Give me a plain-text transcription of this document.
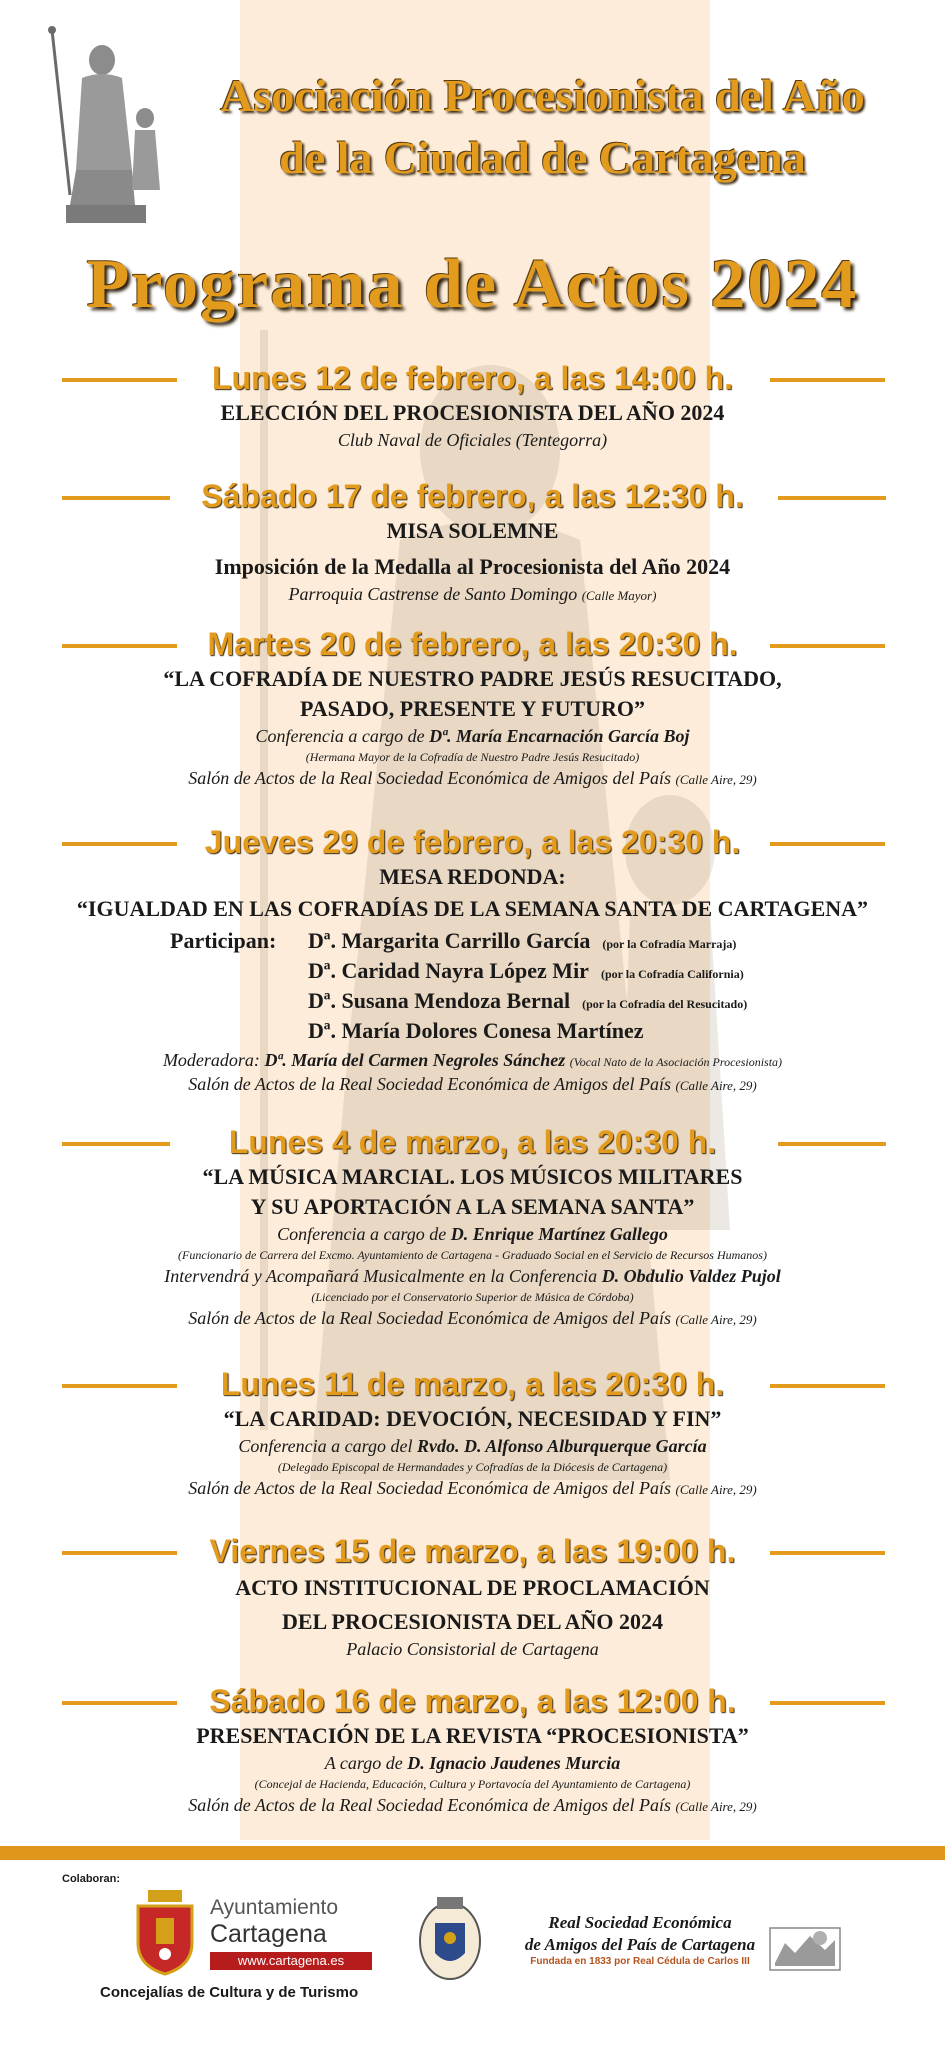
Asociación Procesionista del Año
de la Ciudad de Cartagena
Programa de Actos 2024
Lunes 12 de febrero, a las 14:00 h.
ELECCIÓN DEL PROCESIONISTA DEL AÑO 2024
Club Naval de Oficiales (Tentegorra)
Sábado 17 de febrero, a las 12:30 h.
MISA SOLEMNE
Imposición de la Medalla al Procesionista del Año 2024
Parroquia Castrense de Santo Domingo (Calle Mayor)
Martes 20 de febrero, a las 20:30 h.
“LA COFRADÍA DE NUESTRO PADRE JESÚS RESUCITADO,
PASADO, PRESENTE Y FUTURO”
Conferencia a cargo de Dª. María Encarnación García Boj
(Hermana Mayor de la Cofradía de Nuestro Padre Jesús Resucitado)
Salón de Actos de la Real Sociedad Económica de Amigos del País (Calle Aire, 29)
Jueves 29 de febrero, a las 20:30 h.
MESA REDONDA:
“IGUALDAD EN LAS COFRADÍAS DE LA SEMANA SANTA DE CARTAGENA”
Participan: Dª. Margarita Carrillo García (por la Cofradía Marraja)
Dª. Caridad Nayra López Mir (por la Cofradía California)
Dª. Susana Mendoza Bernal (por la Cofradía del Resucitado)
Dª. María Dolores Conesa Martínez
Moderadora: Dª. María del Carmen Negroles Sánchez (Vocal Nato de la Asociación Procesionista)
Salón de Actos de la Real Sociedad Económica de Amigos del País (Calle Aire, 29)
Lunes 4 de marzo, a las 20:30 h.
“LA MÚSICA MARCIAL. LOS MÚSICOS MILITARES
Y SU APORTACIÓN A LA SEMANA SANTA”
Conferencia a cargo de D. Enrique Martínez Gallego
(Funcionario de Carrera del Excmo. Ayuntamiento de Cartagena - Graduado Social en el Servicio de Recursos Humanos)
Intervendrá y Acompañará Musicalmente en la Conferencia D. Obdulio Valdez Pujol
(Licenciado por el Conservatorio Superior de Música de Córdoba)
Salón de Actos de la Real Sociedad Económica de Amigos del País (Calle Aire, 29)
Lunes 11 de marzo, a las 20:30 h.
“LA CARIDAD: DEVOCIÓN, NECESIDAD Y FIN”
Conferencia a cargo del Rvdo. D. Alfonso Alburquerque García
(Delegado Episcopal de Hermandades y Cofradías de la Diócesis de Cartagena)
Salón de Actos de la Real Sociedad Económica de Amigos del País (Calle Aire, 29)
Viernes 15 de marzo, a las 19:00 h.
ACTO INSTITUCIONAL DE PROCLAMACIÓN
DEL PROCESIONISTA DEL AÑO 2024
Palacio Consistorial de Cartagena
Sábado 16 de marzo, a las 12:00 h.
PRESENTACIÓN DE LA REVISTA “PROCESIONISTA”
A cargo de D. Ignacio Jaudenes Murcia
(Concejal de Hacienda, Educación, Cultura y Portavocía del Ayuntamiento de Cartagena)
Salón de Actos de la Real Sociedad Económica de Amigos del País (Calle Aire, 29)
Colaboran:
Ayuntamiento
Cartagena
www.cartagena.es
Concejalías de Cultura y de Turismo
Real Sociedad Económica
de Amigos del País de Cartagena
Fundada en 1833 por Real Cédula de Carlos III
